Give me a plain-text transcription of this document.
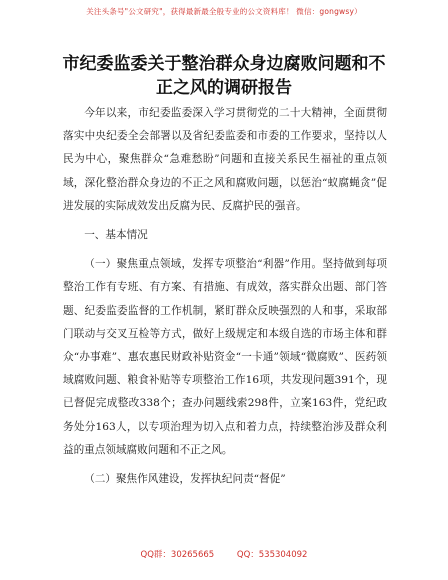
关注头条号"公文研究"，获得最新最全般专业的公文资料库！ 微信：gongwsy）
市纪委监委关于整治群众身边腐败问题和不正之风的调研报告

今年以来，市纪委监委深入学习贯彻党的二十大精神，全面贯彻落实中央纪委全会部署以及省纪委监委和市委的工作要求，坚持以人民为中心，聚焦群众“急难愁盼”问题和直接关系民生福祉的重点领域，深化整治群众身边的不正之风和腐败问题，以惩治“蚁腐蝇贪”促进发展的实际成效发出反腐为民、反腐护民的强音。

一、基本情况

（一）聚焦重点领域，发挥专项整治“利器”作用。坚持做到每项整治工作有专班、有方案、有措施、有成效，落实群众出题、部门答题、纪委监委监督的工作机制，紧盯群众反映强烈的人和事，采取部门联动与交叉互检等方式，做好上级规定和本级自选的市场主体和群众“办事难”、惠农惠民财政补贴资金“一卡通”领域“微腐败”、医药领域腐败问题、粮食补贴等专项整治工作16项，共发现问题391个，现已督促完成整改338个；查办问题线索298件，立案163件，党纪政务处分163人，以专项治理为切入点和着力点，持续整治涉及群众利益的重点领域腐败问题和不正之风。

（二）聚焦作风建设，发挥执纪问责“督促”

QQ群：30265665	QQ：535304092
